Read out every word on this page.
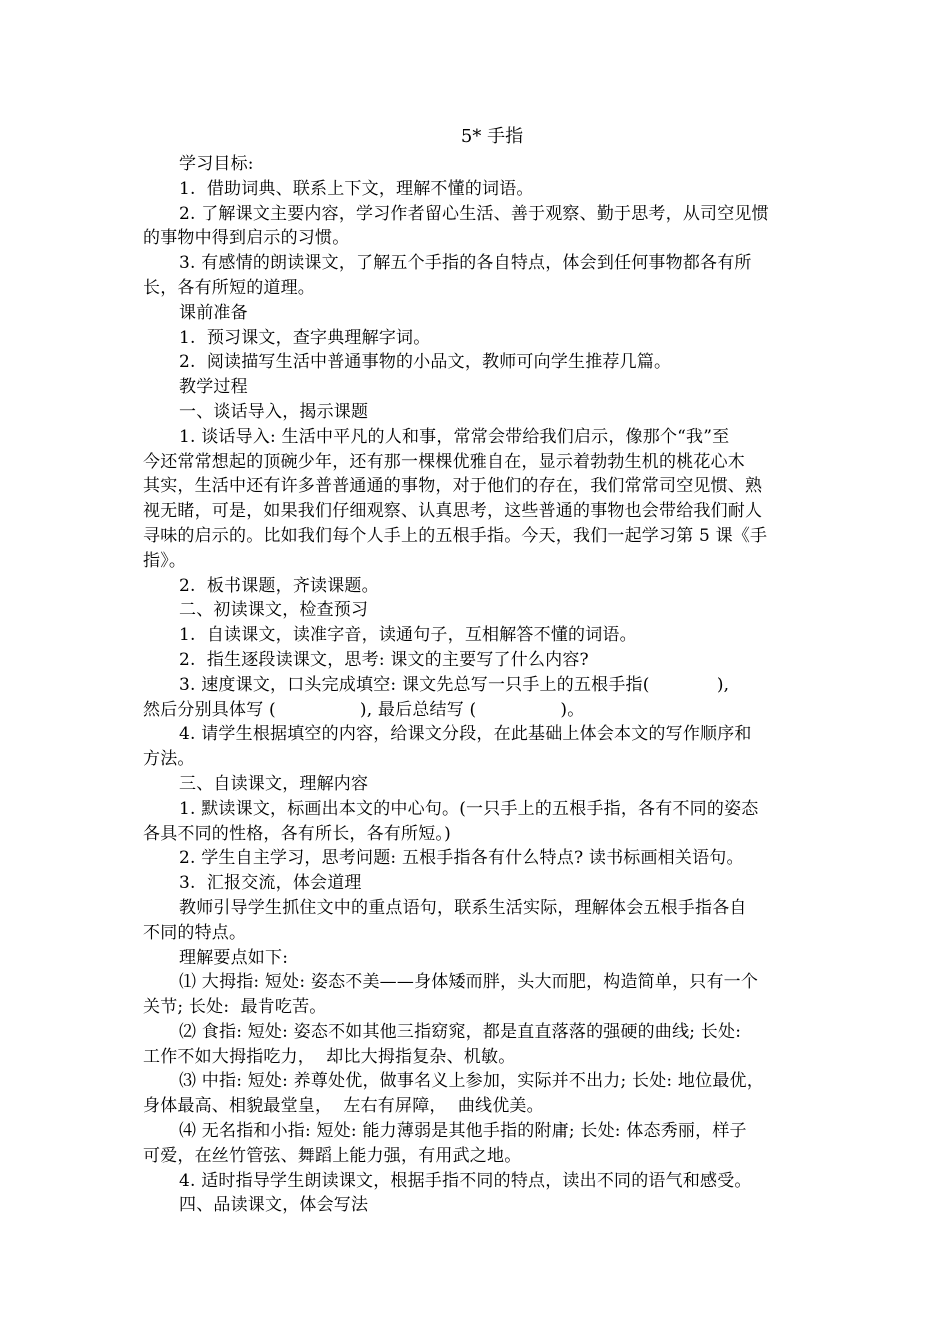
5* 手指
学习目标:
1.  借助词典、联系上下文，理解不懂的词语。
2. 了解课文主要内容，学习作者留心生活、善于观察、勤于思考，从司空见惯
的事物中得到启示的习惯。
3. 有感情的朗读课文，了解五个手指的各自特点，体会到任何事物都各有所
长，各有所短的道理。
课前准备
1.  预习课文，查字典理解字词。
2.  阅读描写生活中普通事物的小品文，教师可向学生推荐几篇。
教学过程
一、谈话导入，揭示课题
1. 谈话导入: 生活中平凡的人和事，常常会带给我们启示，像那个“我”至
今还常常想起的顶碗少年，还有那一棵棵优雅自在，显示着勃勃生机的桃花心木
其实，生活中还有许多普普通通的事物，对于他们的存在，我们常常司空见惯、熟
视无睹，可是，如果我们仔细观察、认真思考，这些普通的事物也会带给我们耐人
寻味的启示的。比如我们每个人手上的五根手指。今天，我们一起学习第 5 课《手
指》。
2.  板书课题，齐读课题。
二、初读课文，检查预习
1.  自读课文，读准字音，读通句子，互相解答不懂的词语。
2.  指生逐段读课文，思考: 课文的主要写了什么内容?
3. 速度课文，口头完成填空: 课文先总写一只手上的五根手指(            ),
然后分别具体写 (               ), 最后总结写 (               )。
4. 请学生根据填空的内容，给课文分段，在此基础上体会本文的写作顺序和
方法。
三、自读课文，理解内容
1. 默读课文，标画出本文的中心句。(一只手上的五根手指，各有不同的姿态
各具不同的性格，各有所长，各有所短。)
2. 学生自主学习，思考问题: 五根手指各有什么特点? 读书标画相关语句。
3.  汇报交流，体会道理
教师引导学生抓住文中的重点语句，联系生活实际，理解体会五根手指各自
不同的特点。
理解要点如下:
⑴ 大拇指: 短处: 姿态不美——身体矮而胖，头大而肥，构造简单，只有一个
关节; 长处:  最肯吃苦。
⑵ 食指: 短处: 姿态不如其他三指窈窕，都是直直落落的强硬的曲线; 长处:
工作不如大拇指吃力，  却比大拇指复杂、机敏。
⑶ 中指: 短处: 养尊处优，做事名义上参加，实际并不出力; 长处: 地位最优，
身体最高、相貌最堂皇，  左右有屏障，  曲线优美。
⑷ 无名指和小指: 短处: 能力薄弱是其他手指的附庸; 长处: 体态秀丽，样子
可爱，在丝竹管弦、舞蹈上能力强，有用武之地。
4. 适时指导学生朗读课文，根据手指不同的特点，读出不同的语气和感受。
四、品读课文，体会写法
